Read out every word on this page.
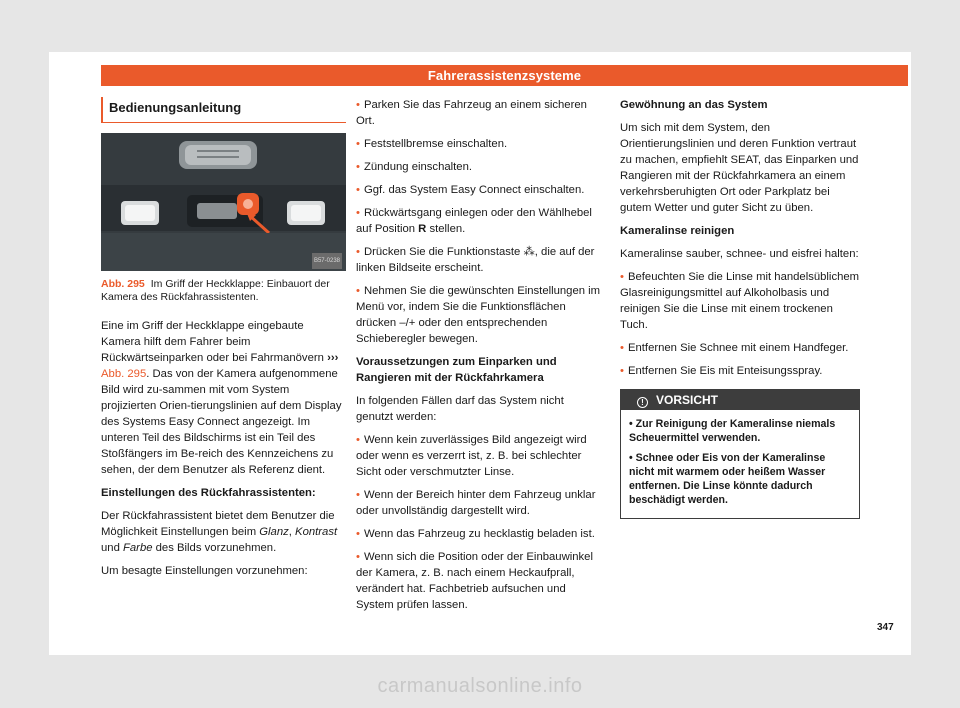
Fahrerassistenzsysteme
Bedienungsanleitung
B57-0238
Abb. 295 Im Griff der Heckklappe: Einbauort der Kamera des Rückfahrassistenten.

Eine im Griff der Heckklappe eingebaute Kamera hilft dem Fahrer beim Rückwärtseinparken oder bei Fahrmanövern ››› Abb. 295. Das von der Kamera aufgenommene Bild wird zu-sammen mit vom System projizierten Orien-tierungslinien auf dem Display des Systems Easy Connect angezeigt. Im unteren Teil des Bildschirms ist ein Teil des Stoßfängers im Be-reich des Kennzeichens zu sehen, der dem Benutzer als Referenz dient.

Einstellungen des Rückfahrassistenten:

Der Rückfahrassistent bietet dem Benutzer die Möglichkeit Einstellungen beim Glanz, Kontrast und Farbe des Bilds vorzunehmen.

Um besagte Einstellungen vorzunehmen:

• Parken Sie das Fahrzeug an einem sicheren Ort.

• Feststellbremse einschalten.

• Zündung einschalten.

• Ggf. das System Easy Connect einschalten.

• Rückwärtsgang einlegen oder den Wählhebel auf Position R stellen.

• Drücken Sie die Funktionstaste ⁂, die auf der linken Bildseite erscheint.

• Nehmen Sie die gewünschten Einstellungen im Menü vor, indem Sie die Funktionsflächen drücken –/+ oder den entsprechenden Schieberegler bewegen.

Voraussetzungen zum Einparken und Rangieren mit der Rückfahrkamera

In folgenden Fällen darf das System nicht genutzt werden:

• Wenn kein zuverlässiges Bild angezeigt wird oder wenn es verzerrt ist, z. B. bei schlechter Sicht oder verschmutzter Linse.

• Wenn der Bereich hinter dem Fahrzeug unklar oder unvollständig dargestellt wird.

• Wenn das Fahrzeug zu hecklastig beladen ist.

• Wenn sich die Position oder der Einbauwinkel der Kamera, z. B. nach einem Heckaufprall, verändert hat. Fachbetrieb aufsuchen und System prüfen lassen.

Gewöhnung an das System

Um sich mit dem System, den Orientierungslinien und deren Funktion vertraut zu machen, empfiehlt SEAT, das Einparken und Rangieren mit der Rückfahrkamera an einem verkehrsberuhigten Ort oder Parkplatz bei gutem Wetter und guter Sicht zu üben.

Kameralinse reinigen

Kameralinse sauber, schnee- und eisfrei halten:

• Befeuchten Sie die Linse mit handelsüblichem Glasreinigungsmittel auf Alkoholbasis und reinigen Sie die Linse mit einem trockenen Tuch.

• Entfernen Sie Schnee mit einem Handfeger.

• Entfernen Sie Eis mit Enteisungsspray.

! VORSICHT

• Zur Reinigung der Kameralinse niemals Scheuermittel verwenden.

• Schnee oder Eis von der Kameralinse nicht mit warmem oder heißem Wasser entfernen. Die Linse könnte dadurch beschädigt werden.

347
carmanualsonline.info
